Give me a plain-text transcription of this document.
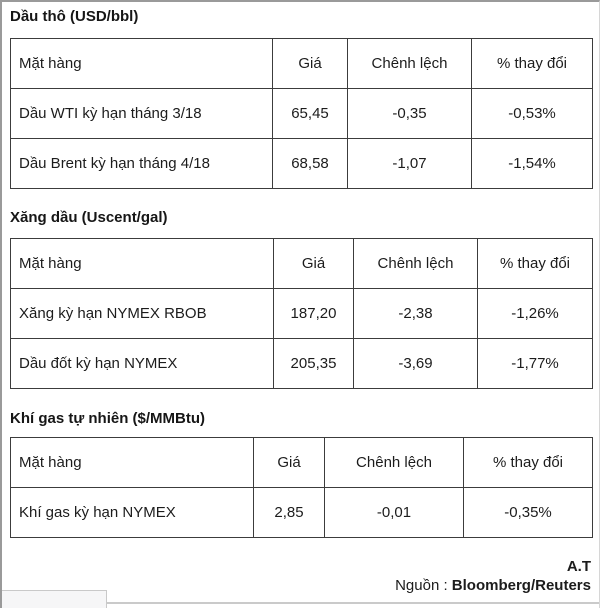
Dầu thô (USD/bbl)
Mặt hàng	Giá	Chênh lệch	% thay đổi
Dầu WTI kỳ hạn tháng 3/18	65,45	-0,35	-0,53%
Dầu Brent kỳ hạn tháng 4/18	68,58	-1,07	-1,54%
Xăng dầu (Uscent/gal)
Mặt hàng	Giá	Chênh lệch	% thay đổi
Xăng kỳ hạn NYMEX RBOB	187,20	-2,38	-1,26%
Dầu đốt kỳ hạn NYMEX	205,35	-3,69	-1,77%
Khí gas tự nhiên ($/MMBtu)
Mặt hàng	Giá	Chênh lệch	% thay đổi
Khí gas kỳ hạn NYMEX	2,85	-0,01	-0,35%
A.T
Nguồn : Bloomberg/Reuters
